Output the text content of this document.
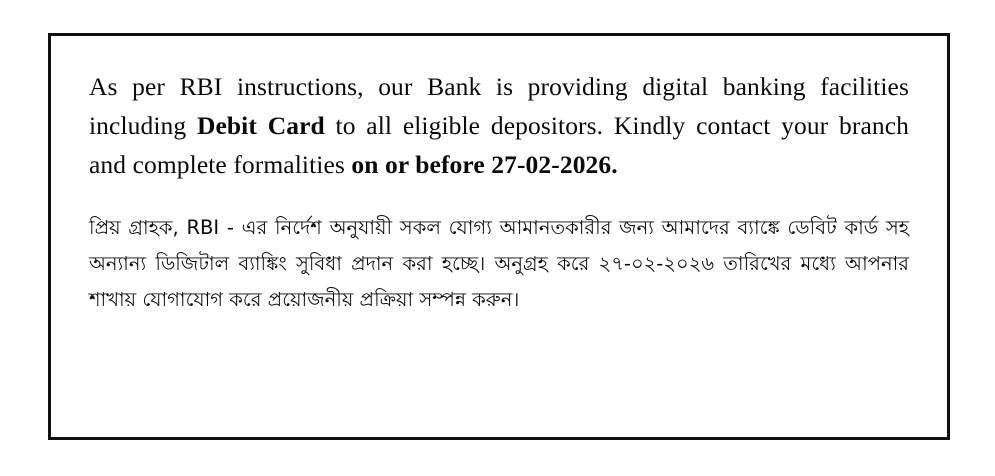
As per RBI instructions, our Bank is providing digital banking facilities including Debit Card to all eligible depositors. Kindly contact your branch and complete formalities on or before 27-02-2026.

প্রিয় গ্রাহক, RBI - এর নির্দেশ অনুযায়ী সকল যোগ্য আমানতকারীর জন্য আমাদের ব্যাঙ্কে ডেবিট কার্ড সহ অন্যান্য ডিজিটাল ব্যাঙ্কিং সুবিধা প্রদান করা হচ্ছে। অনুগ্রহ করে ২৭-০২-২০২৬ তারিখের মধ্যে আপনার শাখায় যোগাযোগ করে প্রয়োজনীয় প্রক্রিয়া সম্পন্ন করুন।
